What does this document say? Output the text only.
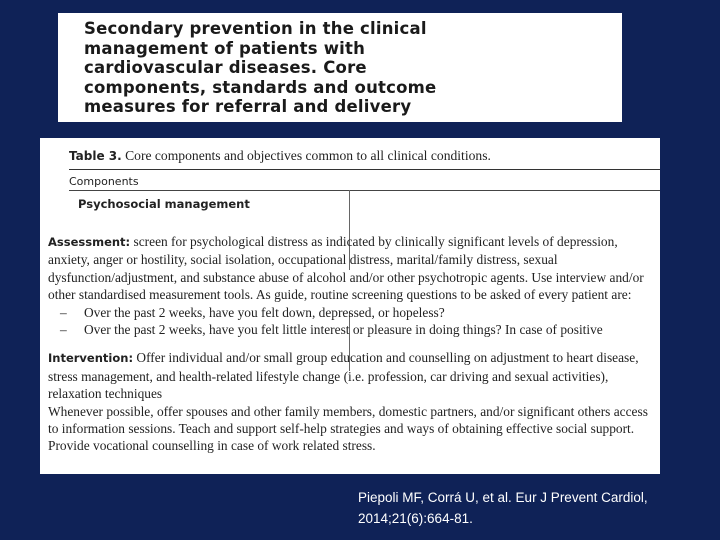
Secondary prevention in the clinical
management of patients with
cardiovascular diseases. Core
components, standards and outcome
measures for referral and delivery

Table 3. Core components and objectives common to all clinical conditions.

Components

Psychosocial management

Assessment: screen for psychological distress as indicated by clinically significant levels of depression, anxiety, anger or hostility, social isolation, occupational distress, marital/family distress, sexual dysfunction/adjustment, and substance abuse of alcohol and/or other psychotropic agents. Use interview and/or other standardised measurement tools. As guide, routine screening questions to be asked of every patient are:

–	Over the past 2 weeks, have you felt down, depressed, or hopeless?
–	Over the past 2 weeks, have you felt little interest or pleasure in doing things? In case of positive

Intervention: Offer individual and/or small group education and counselling on adjustment to heart disease, stress management, and health-related lifestyle change (i.e. profession, car driving and sexual activities), relaxation techniques

Whenever possible, offer spouses and other family members, domestic partners, and/or significant others access to information sessions. Teach and support self-help strategies and ways of obtaining effective social support. Provide vocational counselling in case of work related stress.

Piepoli MF, Corrá U, et al. Eur J Prevent Cardiol,
2014;21(6):664-81.
